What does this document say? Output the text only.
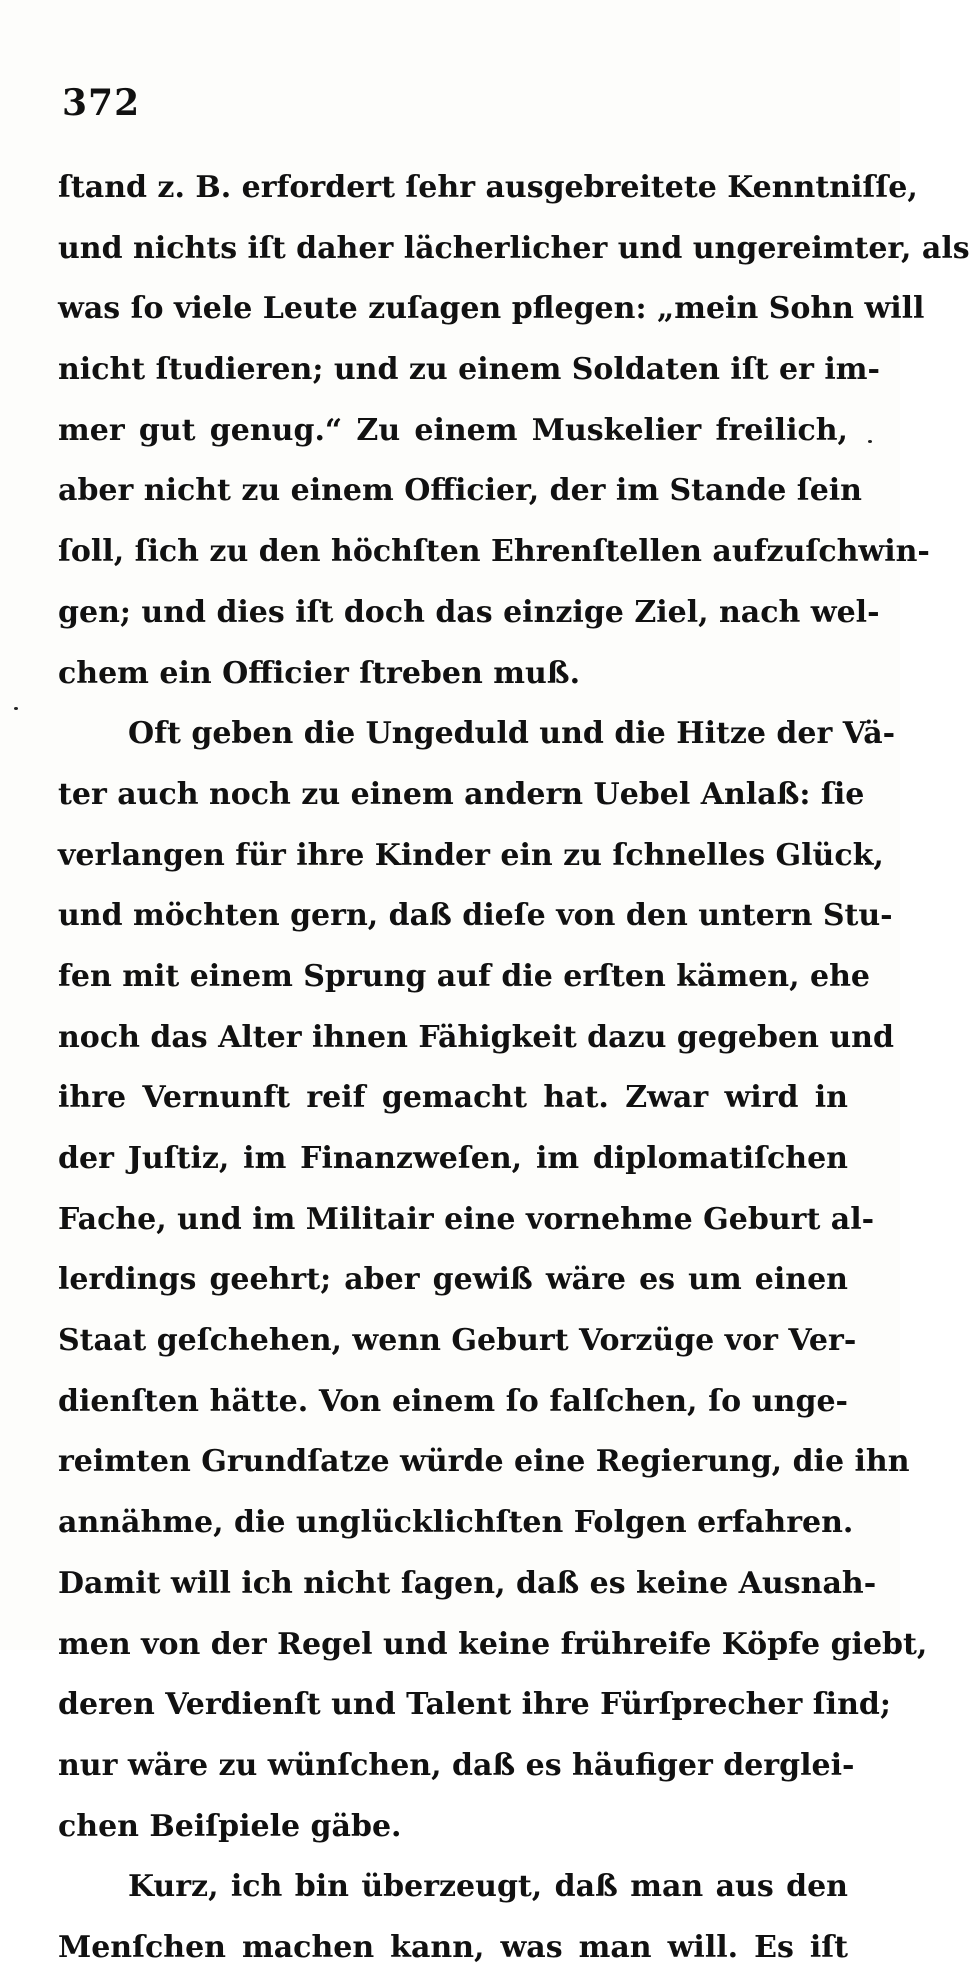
372
ſtand z. B. erfordert ſehr ausgebreitete Kenntniſſe,
und nichts iſt daher lächerlicher und ungereimter, als
was ſo viele Leute zuſagen pflegen: „mein Sohn will
nicht ſtudieren; und zu einem Soldaten iſt er im-
mer gut genug.“ Zu einem Muskelier freilich,
aber nicht zu einem Officier, der im Stande ſein
ſoll, ſich zu den höchſten Ehrenſtellen aufzuſchwin-
gen; und dies iſt doch das einzige Ziel, nach wel-
chem ein Officier ſtreben muß.
Oft geben die Ungeduld und die Hitze der Vä-
ter auch noch zu einem andern Uebel Anlaß: ſie
verlangen für ihre Kinder ein zu ſchnelles Glück,
und möchten gern, daß dieſe von den untern Stu-
fen mit einem Sprung auf die erſten kämen, ehe
noch das Alter ihnen Fähigkeit dazu gegeben und
ihre Vernunft reif gemacht hat. Zwar wird in
der Juſtiz, im Finanzweſen, im diplomatiſchen
Fache, und im Militair eine vornehme Geburt al-
lerdings geehrt; aber gewiß wäre es um einen
Staat geſchehen, wenn Geburt Vorzüge vor Ver-
dienſten hätte. Von einem ſo falſchen, ſo unge-
reimten Grundſatze würde eine Regierung, die ihn
annähme, die unglücklichſten Folgen erfahren.
Damit will ich nicht ſagen, daß es keine Ausnah-
men von der Regel und keine frühreife Köpfe giebt,
deren Verdienſt und Talent ihre Fürſprecher ſind;
nur wäre zu wünſchen, daß es häufiger derglei-
chen Beiſpiele gäbe.
Kurz, ich bin überzeugt, daß man aus den
Menſchen machen kann, was man will. Es iſt
